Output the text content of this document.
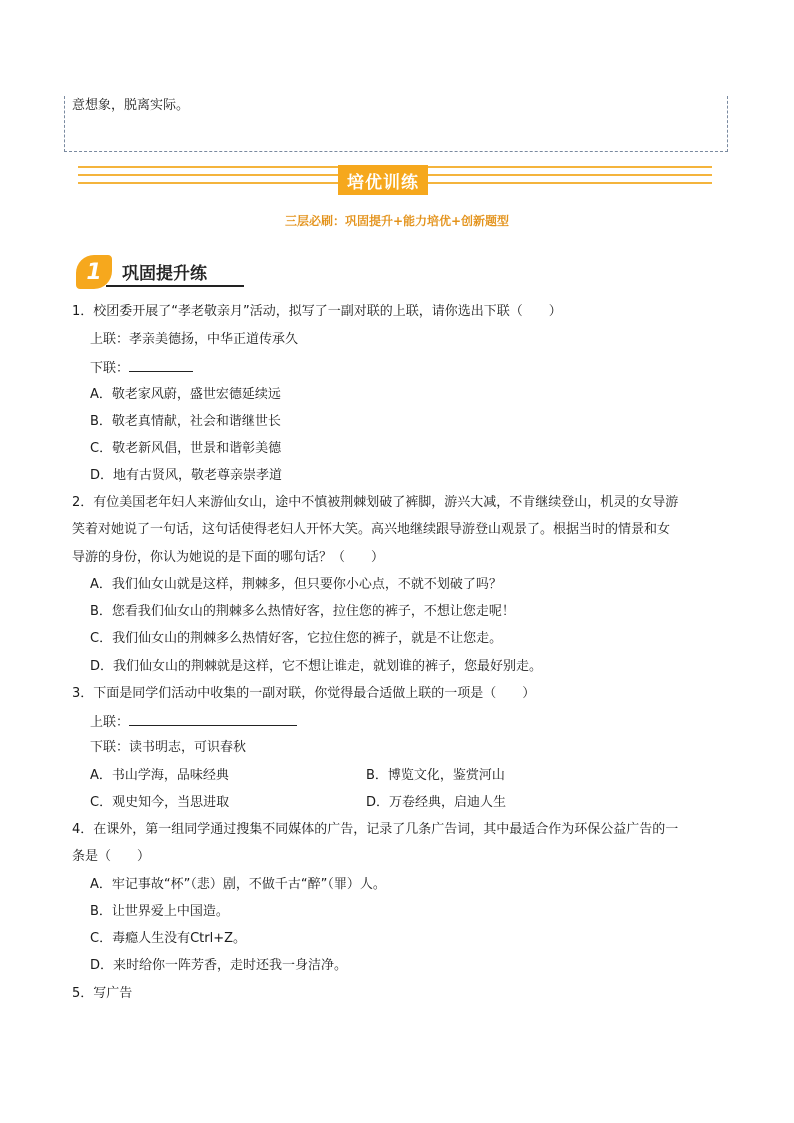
意想象，脱离实际。
培优训练
三层必刷：巩固提升+能力培优+创新题型
1	巩固提升练
1．校团委开展了“孝老敬亲月”活动，拟写了一副对联的上联，请你选出下联（　　）
上联：孝亲美德扬，中华正道传承久
下联：
A．敬老家风蔚，盛世宏德延续远
B．敬老真情献，社会和谐继世长
C．敬老新风倡，世景和谐彰美德
D．地有古贤风，敬老尊亲崇孝道
2．有位美国老年妇人来游仙女山，途中不慎被荆棘划破了裤脚，游兴大减，不肯继续登山，机灵的女导游
笑着对她说了一句话，这句话使得老妇人开怀大笑。高兴地继续跟导游登山观景了。根据当时的情景和女
导游的身份，你认为她说的是下面的哪句话？（　　）
A．我们仙女山就是这样，荆棘多，但只要你小心点，不就不划破了吗？
B．您看我们仙女山的荆棘多么热情好客，拉住您的裤子，不想让您走呢！
C．我们仙女山的荆棘多么热情好客，它拉住您的裤子，就是不让您走。
D．我们仙女山的荆棘就是这样，它不想让谁走，就划谁的裤子，您最好别走。
3．下面是同学们活动中收集的一副对联，你觉得最合适做上联的一项是（　　）
上联：
下联：读书明志，可识春秋
A．书山学海，品味经典	B．博览文化，鉴赏河山
C．观史知今，当思进取	D．万卷经典，启迪人生
4．在课外，第一组同学通过搜集不同媒体的广告，记录了几条广告词，其中最适合作为环保公益广告的一
条是（　　）
A．牢记事故“杯”（悲）剧，不做千古“醉”（罪）人。
B．让世界爱上中国造。
C．毒瘾人生没有Ctrl+Z。
D．来时给你一阵芳香，走时还我一身洁净。
5．写广告
